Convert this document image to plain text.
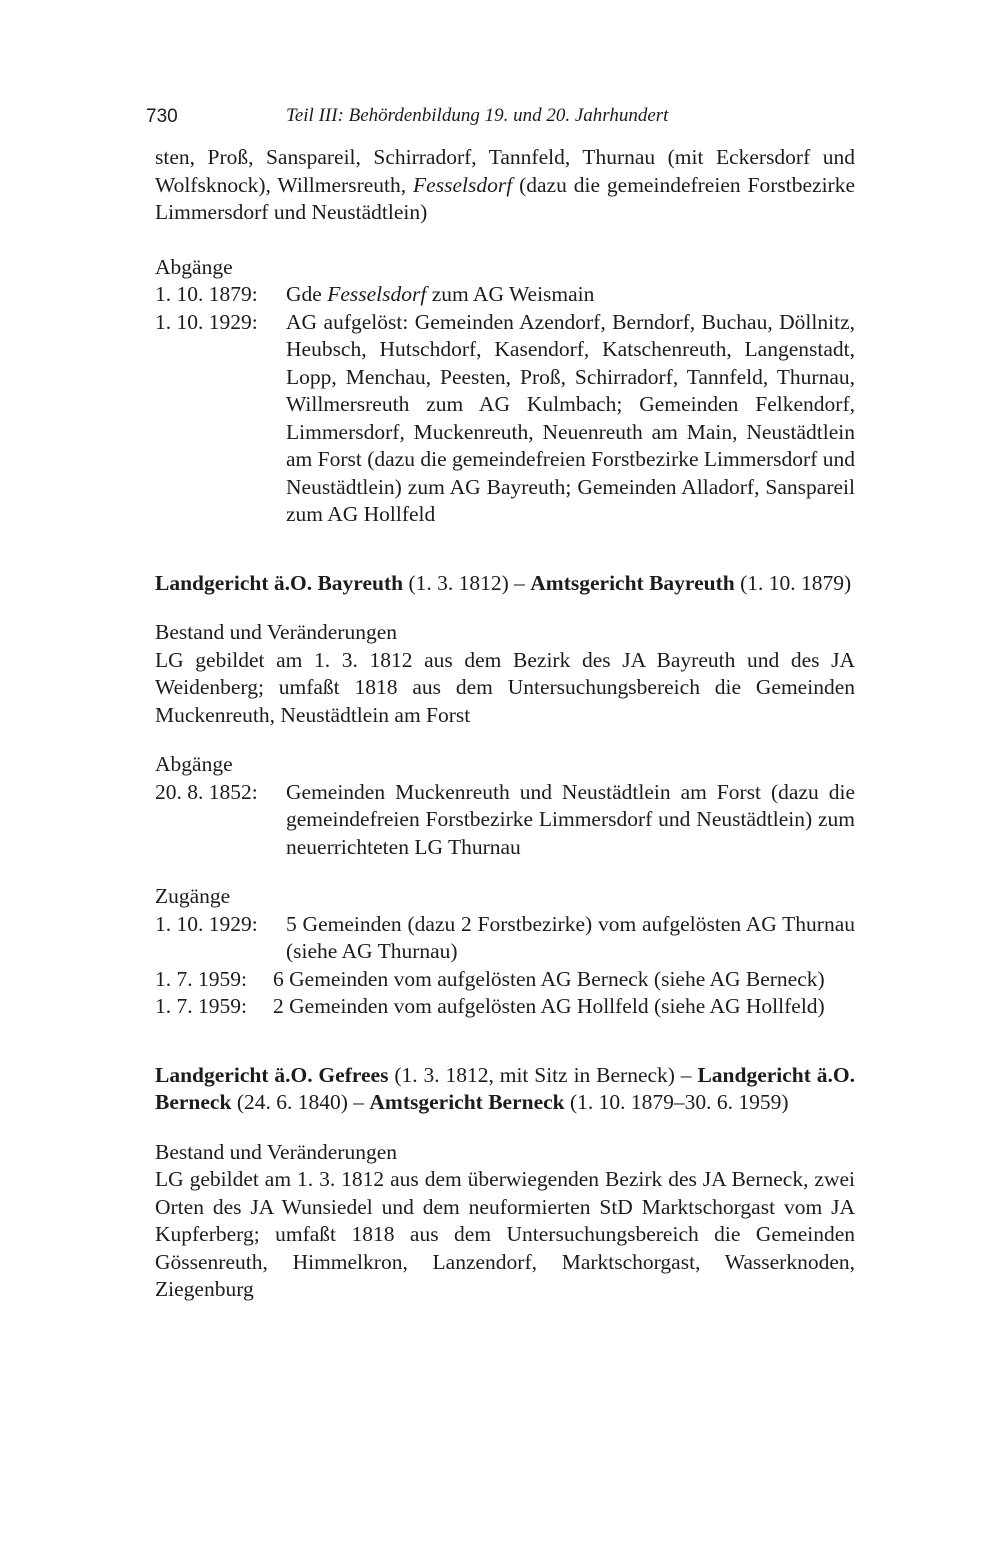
730	Teil III: Behördenbildung 19. und 20. Jahrhundert

sten, Proß, Sanspareil, Schirradorf, Tannfeld, Thurnau (mit Eckersdorf und Wolfsknock), Willmersreuth, Fesselsdorf (dazu die gemeindefreien Forstbezirke Limmersdorf und Neustädtlein)

Abgänge

1. 10. 1879:	Gde Fesselsdorf zum AG Weismain
1. 10. 1929:	AG aufgelöst: Gemeinden Azendorf, Berndorf, Buchau, Döllnitz, Heubsch, Hutschdorf, Kasendorf, Katschenreuth, Langenstadt, Lopp, Menchau, Peesten, Proß, Schirradorf, Tannfeld, Thurnau, Willmersreuth zum AG Kulmbach; Gemeinden Felkendorf, Limmersdorf, Muckenreuth, Neuenreuth am Main, Neustädtlein am Forst (dazu die gemeindefreien Forstbezirke Limmersdorf und Neustädtlein) zum AG Bayreuth; Gemeinden Alladorf, Sanspareil zum AG Hollfeld

Landgericht ä.O. Bayreuth (1. 3. 1812) – Amtsgericht Bayreuth (1. 10. 1879)

Bestand und Veränderungen

LG gebildet am 1. 3. 1812 aus dem Bezirk des JA Bayreuth und des JA Weidenberg; umfaßt 1818 aus dem Untersuchungsbereich die Gemeinden Muckenreuth, Neustädtlein am Forst

Abgänge

20. 8. 1852:	Gemeinden Muckenreuth und Neustädtlein am Forst (dazu die gemeindefreien Forstbezirke Limmersdorf und Neustädtlein) zum neuerrichteten LG Thurnau

Zugänge

1. 10. 1929:	5 Gemeinden (dazu 2 Forstbezirke) vom aufgelösten AG Thurnau (siehe AG Thurnau)
1. 7. 1959:	6 Gemeinden vom aufgelösten AG Berneck (siehe AG Berneck)
1. 7. 1959:	2 Gemeinden vom aufgelösten AG Hollfeld (siehe AG Hollfeld)

Landgericht ä.O. Gefrees (1. 3. 1812, mit Sitz in Berneck) – Landgericht ä.O. Berneck (24. 6. 1840) – Amtsgericht Berneck (1. 10. 1879–30. 6. 1959)

Bestand und Veränderungen

LG gebildet am 1. 3. 1812 aus dem überwiegenden Bezirk des JA Berneck, zwei Orten des JA Wunsiedel und dem neuformierten StD Marktschorgast vom JA Kupferberg; umfaßt 1818 aus dem Untersuchungsbereich die Gemeinden Gössenreuth, Himmelkron, Lanzendorf, Marktschorgast, Wasserknoden, Ziegenburg
